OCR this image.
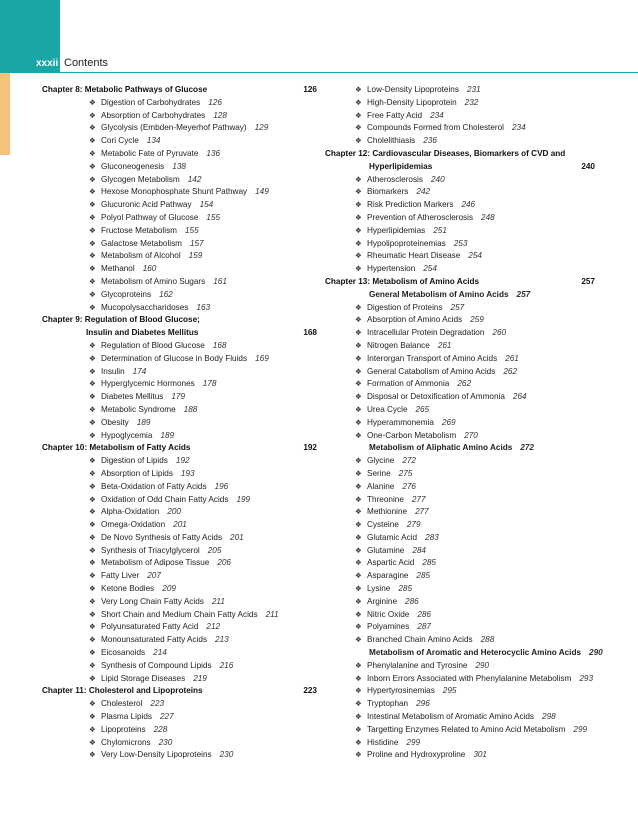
xxxii Contents
Chapter 8: Metabolic Pathways of Glucose	126
❖ Digestion of Carbohydrates 126
❖ Absorption of Carbohydrates 128
❖ Glycolysis (Embden-Meyerhof Pathway) 129
❖ Cori Cycle 134
❖ Metabolic Fate of Pyruvate 136
❖ Gluconeogenesis 138
❖ Glycogen Metabolism 142
❖ Hexose Monophosphate Shunt Pathway 149
❖ Glucuronic Acid Pathway 154
❖ Polyol Pathway of Glucose 155
❖ Fructose Metabolism 155
❖ Galactose Metabolism 157
❖ Metabolism of Alcohol 159
❖ Methanol 160
❖ Metabolism of Amino Sugars 161
❖ Glycoproteins 162
❖ Mucopolysaccharidoses 163
Chapter 9: Regulation of Blood Glucose;
Insulin and Diabetes Mellitus	168
❖ Regulation of Blood Glucose 168
❖ Determination of Glucose in Body Fluids 169
❖ Insulin 174
❖ Hyperglycemic Hormones 178
❖ Diabetes Mellitus 179
❖ Metabolic Syndrome 188
❖ Obesity 189
❖ Hypoglycemia 189
Chapter 10: Metabolism of Fatty Acids	192
❖ Digestion of Lipids 192
❖ Absorption of Lipids 193
❖ Beta-Oxidation of Fatty Acids 196
❖ Oxidation of Odd Chain Fatty Acids 199
❖ Alpha-Oxidation 200
❖ Omega-Oxidation 201
❖ De Novo Synthesis of Fatty Acids 201
❖ Synthesis of Triacylglycerol 205
❖ Metabolism of Adipose Tissue 206
❖ Fatty Liver 207
❖ Ketone Bodies 209
❖ Very Long Chain Fatty Acids 211
❖ Short Chain and Medium Chain Fatty Acids 211
❖ Polyunsaturated Fatty Acid 212
❖ Monounsaturated Fatty Acids 213
❖ Eicosanoids 214
❖ Synthesis of Compound Lipids 216
❖ Lipid Storage Diseases 219
Chapter 11: Cholesterol and Lipoproteins	223
❖ Cholesterol 223
❖ Plasma Lipids 227
❖ Lipoproteins 228
❖ Chylomicrons 230
❖ Very Low-Density Lipoproteins 230
❖ Low-Density Lipoproteins 231
❖ High-Density Lipoprotein 232
❖ Free Fatty Acid 234
❖ Compounds Formed from Cholesterol 234
❖ Cholelithiasis 236
Chapter 12: Cardiovascular Diseases, Biomarkers of CVD and
Hyperlipidemias	240
❖ Atherosclerosis 240
❖ Biomarkers 242
❖ Risk Prediction Markers 246
❖ Prevention of Atherosclerosis 248
❖ Hyperlipidemias 251
❖ Hypolipoproteinemias 253
❖ Rheumatic Heart Disease 254
❖ Hypertension 254
Chapter 13: Metabolism of Amino Acids	257
General Metabolism of Amino Acids 257
❖ Digestion of Proteins 257
❖ Absorption of Amino Acids 259
❖ Intracellular Protein Degradation 260
❖ Nitrogen Balance 261
❖ Interorgan Transport of Amino Acids 261
❖ General Catabolism of Amino Acids 262
❖ Formation of Ammonia 262
❖ Disposal or Detoxification of Ammonia 264
❖ Urea Cycle 265
❖ Hyperammonemia 269
❖ One-Carbon Metabolism 270
Metabolism of Aliphatic Amino Acids 272
❖ Glycine 272
❖ Serine 275
❖ Alanine 276
❖ Threonine 277
❖ Methionine 277
❖ Cysteine 279
❖ Glutamic Acid 283
❖ Glutamine 284
❖ Aspartic Acid 285
❖ Asparagine 285
❖ Lysine 285
❖ Arginine 286
❖ Nitric Oxide 286
❖ Polyamines 287
❖ Branched Chain Amino Acids 288
Metabolism of Aromatic and Heterocyclic Amino Acids 290
❖ Phenylalanine and Tyrosine 290
❖ Inborn Errors Associated with Phenylalanine Metabolism 293
❖ Hypertyrosinemias 295
❖ Tryptophan 296
❖ Intestinal Metabolism of Aromatic Amino Acids 298
❖ Targetting Enzymes Related to Amino Acid Metabolism 299
❖ Histidine 299
❖ Proline and Hydroxyproline 301
